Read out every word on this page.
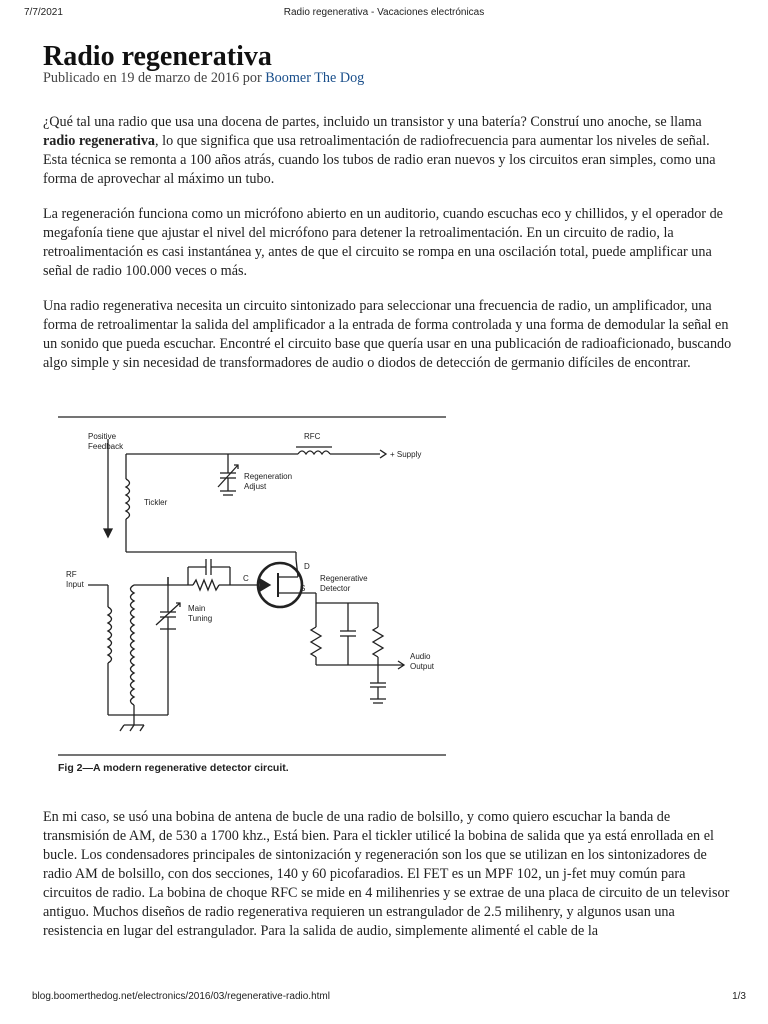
7/7/2021	Radio regenerativa - Vacaciones electrónicas
Radio regenerativa
Publicado en 19 de marzo de 2016 por Boomer The Dog

¿Qué tal una radio que usa una docena de partes, incluido un transistor y una batería? Construí uno anoche, se llama radio regenerativa, lo que significa que usa retroalimentación de radiofrecuencia para aumentar los niveles de señal. Esta técnica se remonta a 100 años atrás, cuando los tubos de radio eran nuevos y los circuitos eran simples, como una forma de aprovechar al máximo un tubo.

La regeneración funciona como un micrófono abierto en un auditorio, cuando escuchas eco y chillidos, y el operador de megafonía tiene que ajustar el nivel del micrófono para detener la retroalimentación. En un circuito de radio, la retroalimentación es casi instantánea y, antes de que el circuito se rompa en una oscilación total, puede amplificar una señal de radio 100.000 veces o más.

Una radio regenerativa necesita un circuito sintonizado para seleccionar una frecuencia de radio, un amplificador, una forma de retroalimentar la salida del amplificador a la entrada de forma controlada y una forma de demodular la señal en un sonido que pueda escuchar. Encontré el circuito base que quería usar en una publicación de radioaficionado, buscando algo simple y sin necesidad de transformadores de audio o diodos de detección de germanio difíciles de encontrar.

Positive
Feedback
RFC
+ Supply
Tickler
Regeneration
Adjust
RF
Input
C
D
S
Regenerative
Detector
Main
Tuning
Audio
Output
Fig 2—A modern regenerative detector circuit.

En mi caso, se usó una bobina de antena de bucle de una radio de bolsillo, y como quiero escuchar la banda de transmisión de AM, de 530 a 1700 khz., Está bien. Para el tickler utilicé la bobina de salida que ya está enrollada en el bucle. Los condensadores principales de sintonización y regeneración son los que se utilizan en los sintonizadores de radio AM de bolsillo, con dos secciones, 140 y 60 picofaradios. El FET es un MPF 102, un j-fet muy común para circuitos de radio. La bobina de choque RFC se mide en 4 milihenries y se extrae de una placa de circuito de un televisor antiguo. Muchos diseños de radio regenerativa requieren un estrangulador de 2.5 milihenry, y algunos usan una resistencia en lugar del estrangulador. Para la salida de audio, simplemente alimenté el cable de la

blog.boomerthedog.net/electronics/2016/03/regenerative-radio.html	1/3
